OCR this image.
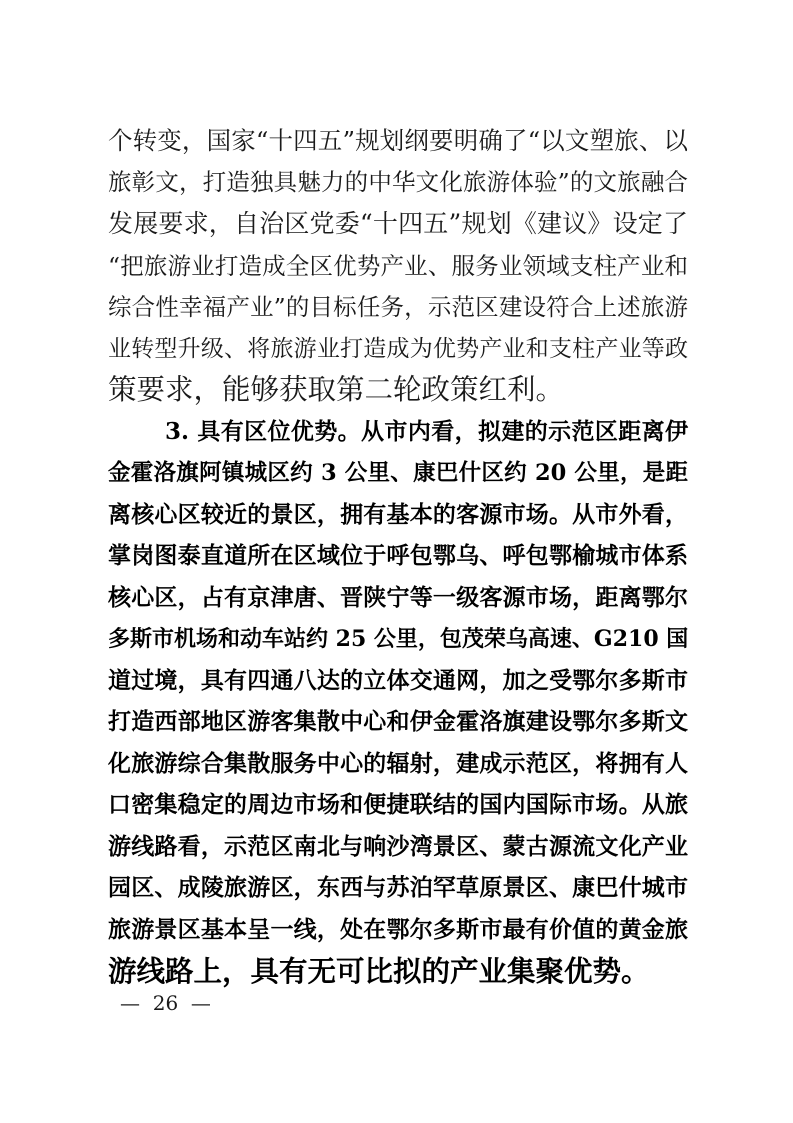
个转变，国家“十四五”规划纲要明确了“以文塑旅、以
旅彰文，打造独具魅力的中华文化旅游体验”的文旅融合
发展要求，自治区党委“十四五”规划《建议》设定了
“把旅游业打造成全区优势产业、服务业领域支柱产业和
综合性幸福产业”的目标任务，示范区建设符合上述旅游
业转型升级、将旅游业打造成为优势产业和支柱产业等政
策要求，能够获取第二轮政策红利。
3. 具有区位优势。从市内看，拟建的示范区距离伊
金霍洛旗阿镇城区约 3 公里、康巴什区约 20 公里，是距
离核心区较近的景区，拥有基本的客源市场。从市外看，
掌岗图泰直道所在区域位于呼包鄂乌、呼包鄂榆城市体系
核心区，占有京津唐、晋陕宁等一级客源市场，距离鄂尔
多斯市机场和动车站约 25 公里，包茂荣乌高速、G210 国
道过境，具有四通八达的立体交通网，加之受鄂尔多斯市
打造西部地区游客集散中心和伊金霍洛旗建设鄂尔多斯文
化旅游综合集散服务中心的辐射，建成示范区，将拥有人
口密集稳定的周边市场和便捷联结的国内国际市场。从旅
游线路看，示范区南北与响沙湾景区、蒙古源流文化产业
园区、成陵旅游区，东西与苏泊罕草原景区、康巴什城市
旅游景区基本呈一线，处在鄂尔多斯市最有价值的黄金旅
游线路上，具有无可比拟的产业集聚优势。
—  26  —
